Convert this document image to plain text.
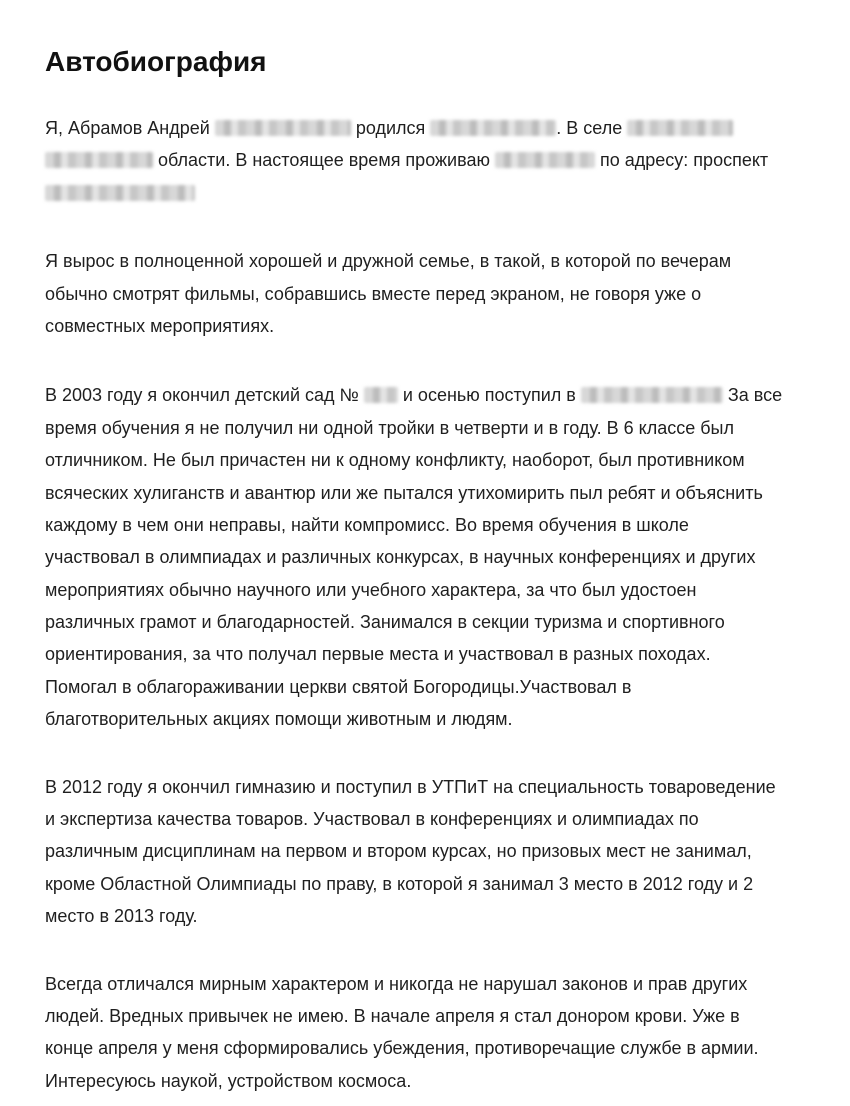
Автобиография

Я, Абрамов Андрей	родился	. В селе
области. В настоящее время проживаю	по адресу: проспект

Я вырос в полноценной хорошей и дружной семье, в такой, в которой по вечерам
обычно смотрят фильмы, собравшись вместе перед экраном, не говоря уже о
совместных мероприятиях.

В 2003 году я окончил детский сад № и осенью поступил в	За все
время обучения я не получил ни одной тройки в четверти и в году. В 6 классе был
отличником. Не был причастен ни к одному конфликту, наоборот, был противником
всяческих хулиганств и авантюр или же пытался утихомирить пыл ребят и объяснить
каждому в чем они неправы, найти компромисс. Во время обучения в школе
участвовал в олимпиадах и различных конкурсах, в научных конференциях и других
мероприятиях обычно научного или учебного характера, за что был удостоен
различных грамот и благодарностей. Занимался в секции туризма и спортивного
ориентирования, за что получал первые места и участвовал в разных походах.
Помогал в облагораживании церкви святой Богородицы.Участвовал в
благотворительных акциях помощи животным и людям.

В 2012 году я окончил гимназию и поступил в УТПиТ на специальность товароведение
и экспертиза качества товаров. Участвовал в конференциях и олимпиадах по
различным дисциплинам на первом и втором курсах, но призовых мест не занимал,
кроме Областной Олимпиады по праву, в которой я занимал 3 место в 2012 году и 2
место в 2013 году.

Всегда отличался мирным характером и никогда не нарушал законов и прав других
людей. Вредных привычек не имею. В начале апреля я стал донором крови. Уже в
конце апреля у меня сформировались убеждения, противоречащие службе в армии.
Интересуюсь наукой, устройством космоса.
